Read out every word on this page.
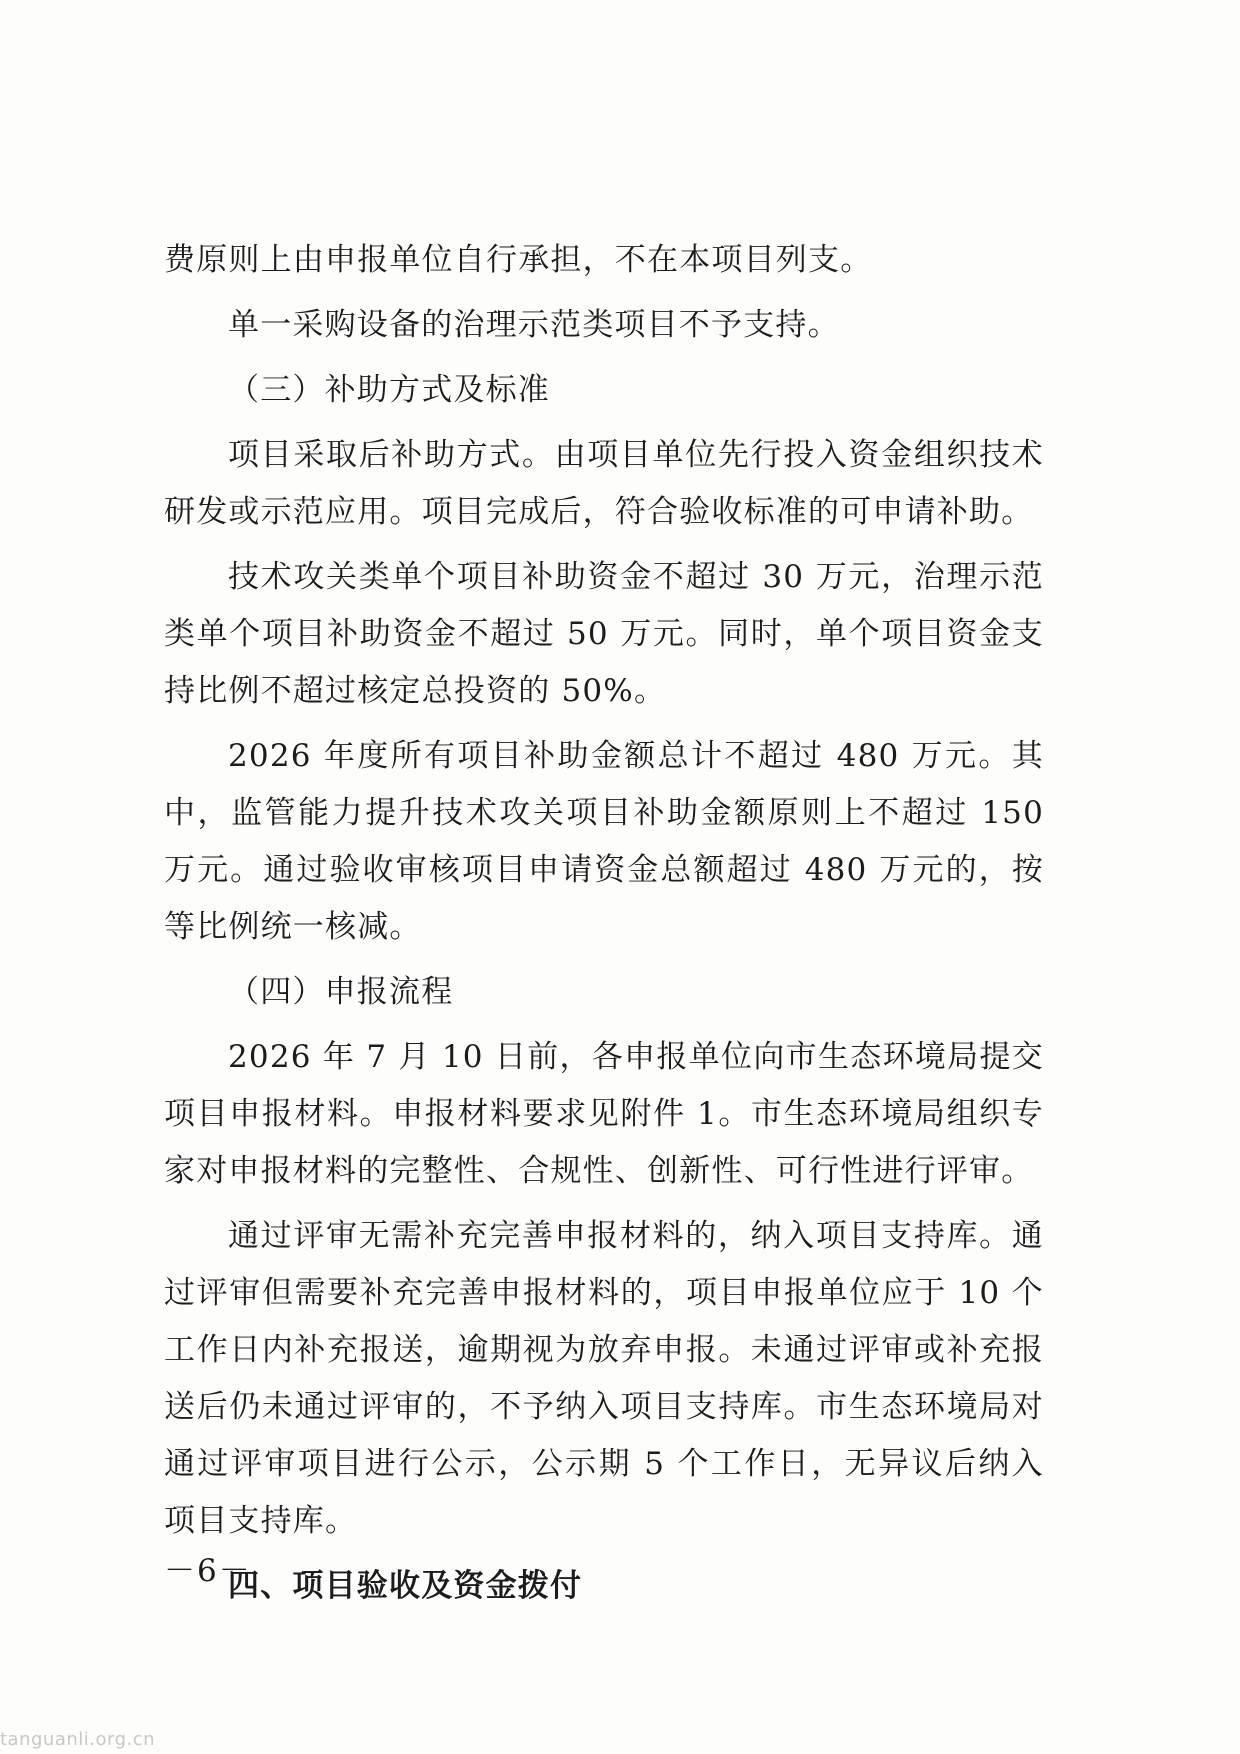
费原则上由申报单位自行承担，不在本项目列支。

单一采购设备的治理示范类项目不予支持。

（三）补助方式及标准

项目采取后补助方式。由项目单位先行投入资金组织技术研发或示范应用。项目完成后，符合验收标准的可申请补助。

技术攻关类单个项目补助资金不超过 30 万元，治理示范类单个项目补助资金不超过 50 万元。同时，单个项目资金支持比例不超过核定总投资的 50%。

2026 年度所有项目补助金额总计不超过 480 万元。其中，监管能力提升技术攻关项目补助金额原则上不超过 150 万元。通过验收审核项目申请资金总额超过 480 万元的，按等比例统一核减。

（四）申报流程

2026 年 7 月 10 日前，各申报单位向市生态环境局提交项目申报材料。申报材料要求见附件 1。市生态环境局组织专家对申报材料的完整性、合规性、创新性、可行性进行评审。

通过评审无需补充完善申报材料的，纳入项目支持库。通过评审但需要补充完善申报材料的，项目申报单位应于 10 个工作日内补充报送，逾期视为放弃申报。未通过评审或补充报送后仍未通过评审的，不予纳入项目支持库。市生态环境局对通过评审项目进行公示，公示期 5 个工作日，无异议后纳入项目支持库。

四、项目验收及资金拨付

－6－
tanguanli.org.cn
